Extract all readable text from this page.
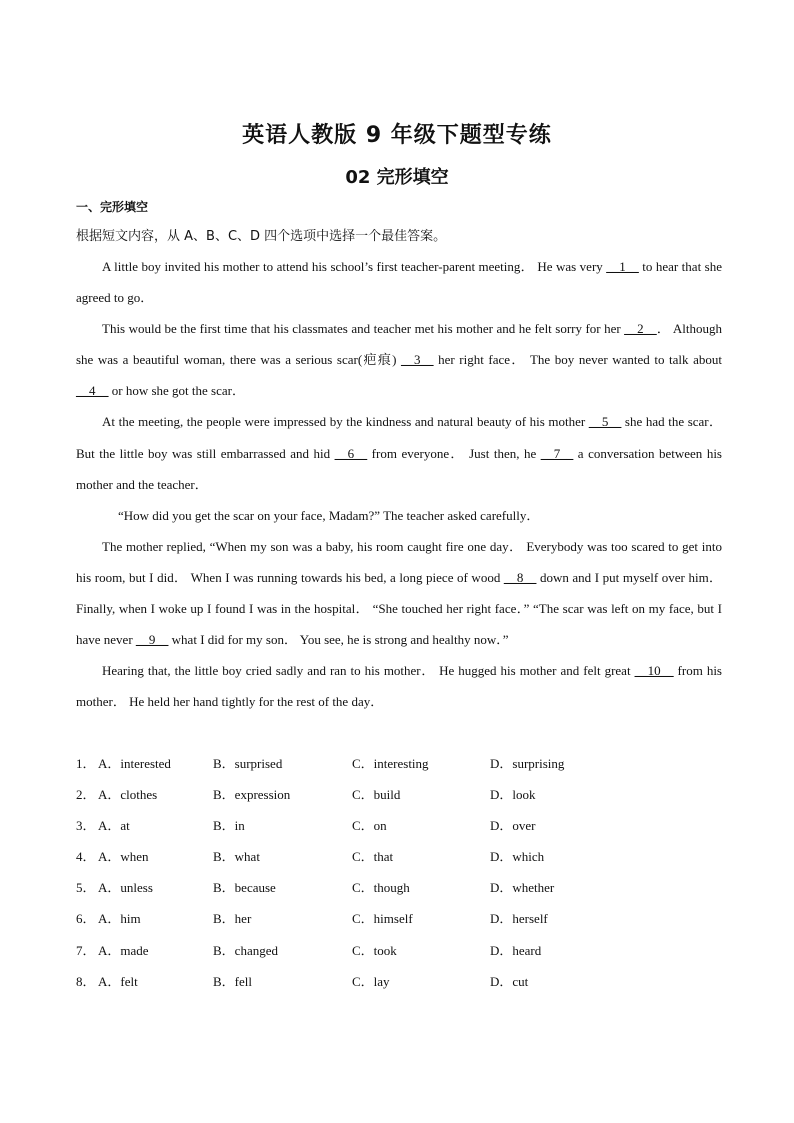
英语人教版 9 年级下题型专练
02 完形填空
一、完形填空
根据短文内容，从 A、B、C、D 四个选项中选择一个最佳答案。

A little boy invited his mother to attend his school’s first teacher-parent meeting． He was very __1__ to hear that she agreed to go．

This would be the first time that his classmates and teacher met his mother and he felt sorry for her __2__． Although she was a beautiful woman, there was a serious scar(疤痕) __3__ her right face． The boy never wanted to talk about __4__ or how she got the scar．

At the meeting, the people were impressed by the kindness and natural beauty of his mother __5__ she had the scar． But the little boy was still embarrassed and hid __6__ from everyone． Just then, he __7__ a conversation between his mother and the teacher．

“How did you get the scar on your face, Madam?” The teacher asked carefully．

The mother replied, “When my son was a baby, his room caught fire one day． Everybody was too scared to get into his room, but I did． When I was running towards his bed, a long piece of wood __8__ down and I put myself over him． Finally, when I woke up I found I was in the hospital． “She touched her right face．” “The scar was left on my face, but I have never __9__ what I did for my son． You see, he is strong and healthy now．”

Hearing that, the little boy cried sadly and ran to his mother． He hugged his mother and felt great __10__ from his mother． He held her hand tightly for the rest of the day．

1． A．interested	B．surprised	C．interesting	D．surprising
2． A．clothes	B．expression	C．build	D．look
3． A．at	B．in	C．on	D．over
4． A．when	B．what	C．that	D．which
5． A．unless	B．because	C．though	D．whether
6． A．him	B．her	C．himself	D．herself
7． A．made	B．changed	C．took	D．heard
8． A．felt	B．fell	C．lay	D．cut
